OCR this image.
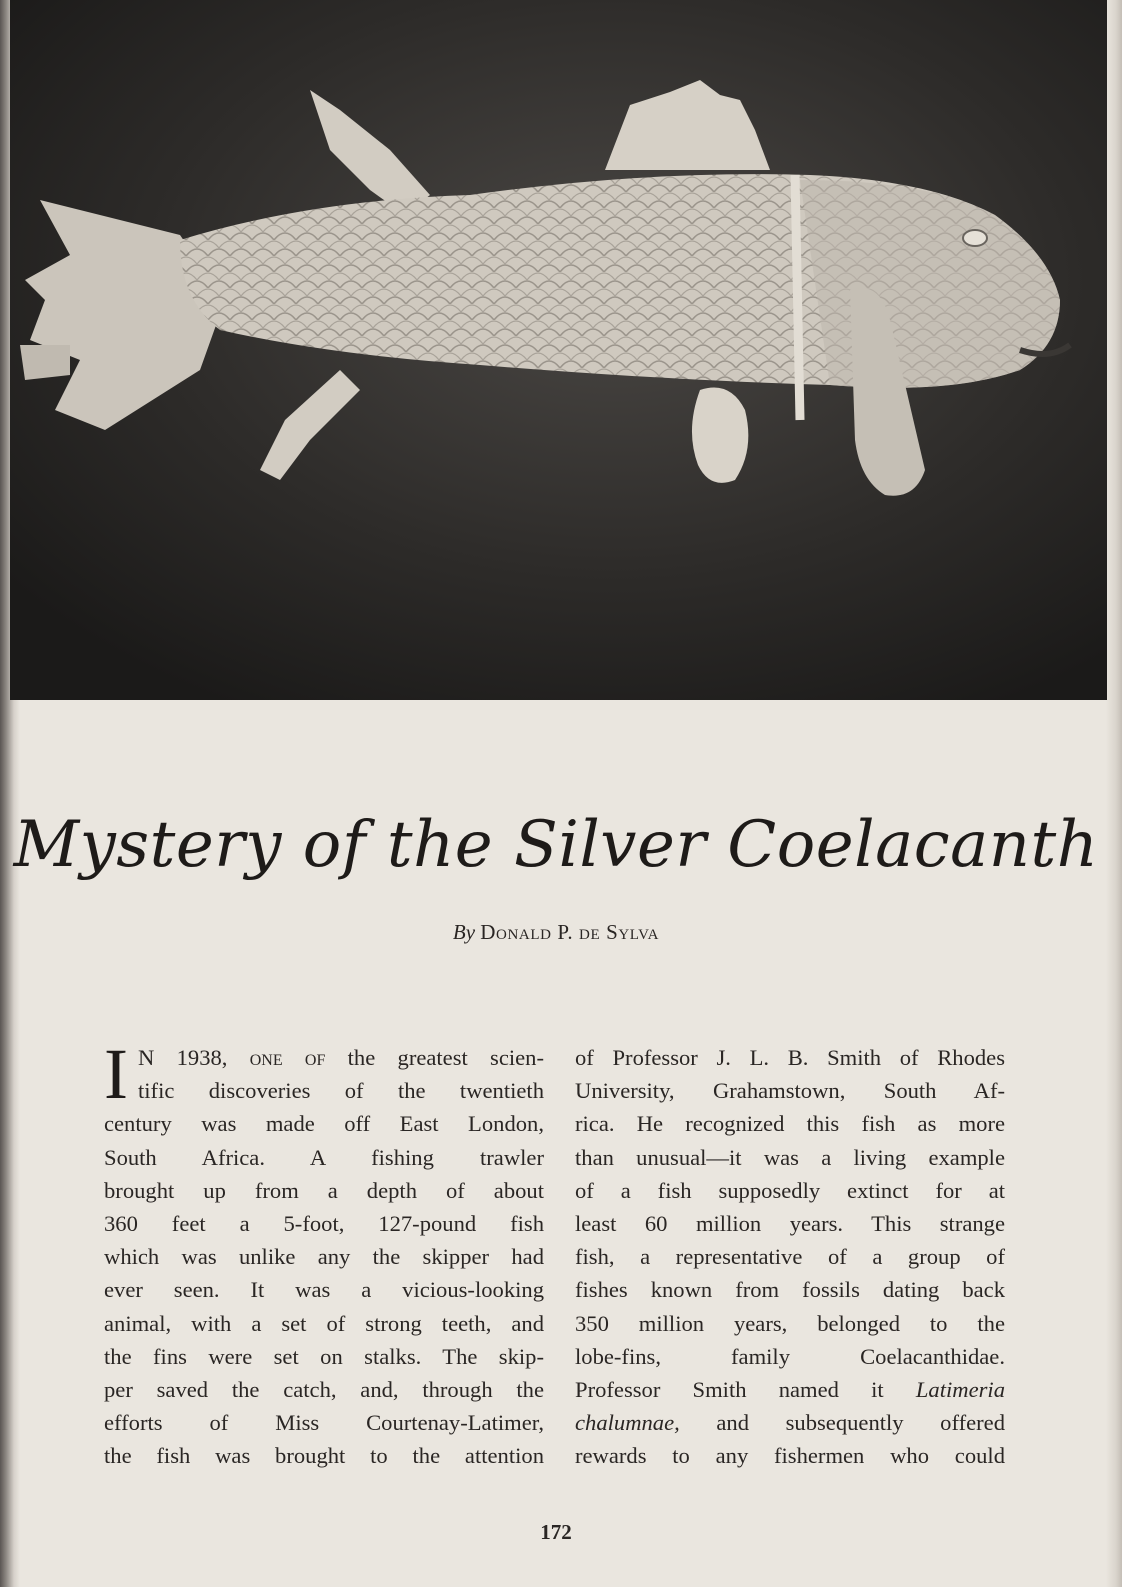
Mystery of the Silver Coelacanth
By Donald P. de Sylva
I N 1938, one of the greatest scien-
tific discoveries of the twentieth
century was made off East London,
South Africa. A fishing trawler
brought up from a depth of about
360 feet a 5-foot, 127-pound fish
which was unlike any the skipper had
ever seen. It was a vicious-looking
animal, with a set of strong teeth, and
the fins were set on stalks. The skip-
per saved the catch, and, through the
efforts of Miss Courtenay-Latimer,
the fish was brought to the attention
of Professor J. L. B. Smith of Rhodes
University, Grahamstown, South Af-
rica. He recognized this fish as more
than unusual—it was a living example
of a fish supposedly extinct for at
least 60 million years. This strange
fish, a representative of a group of
fishes known from fossils dating back
350 million years, belonged to the
lobe-fins, family Coelacanthidae.
Professor Smith named it Latimeria
chalumnae, and subsequently offered
rewards to any fishermen who could
172
